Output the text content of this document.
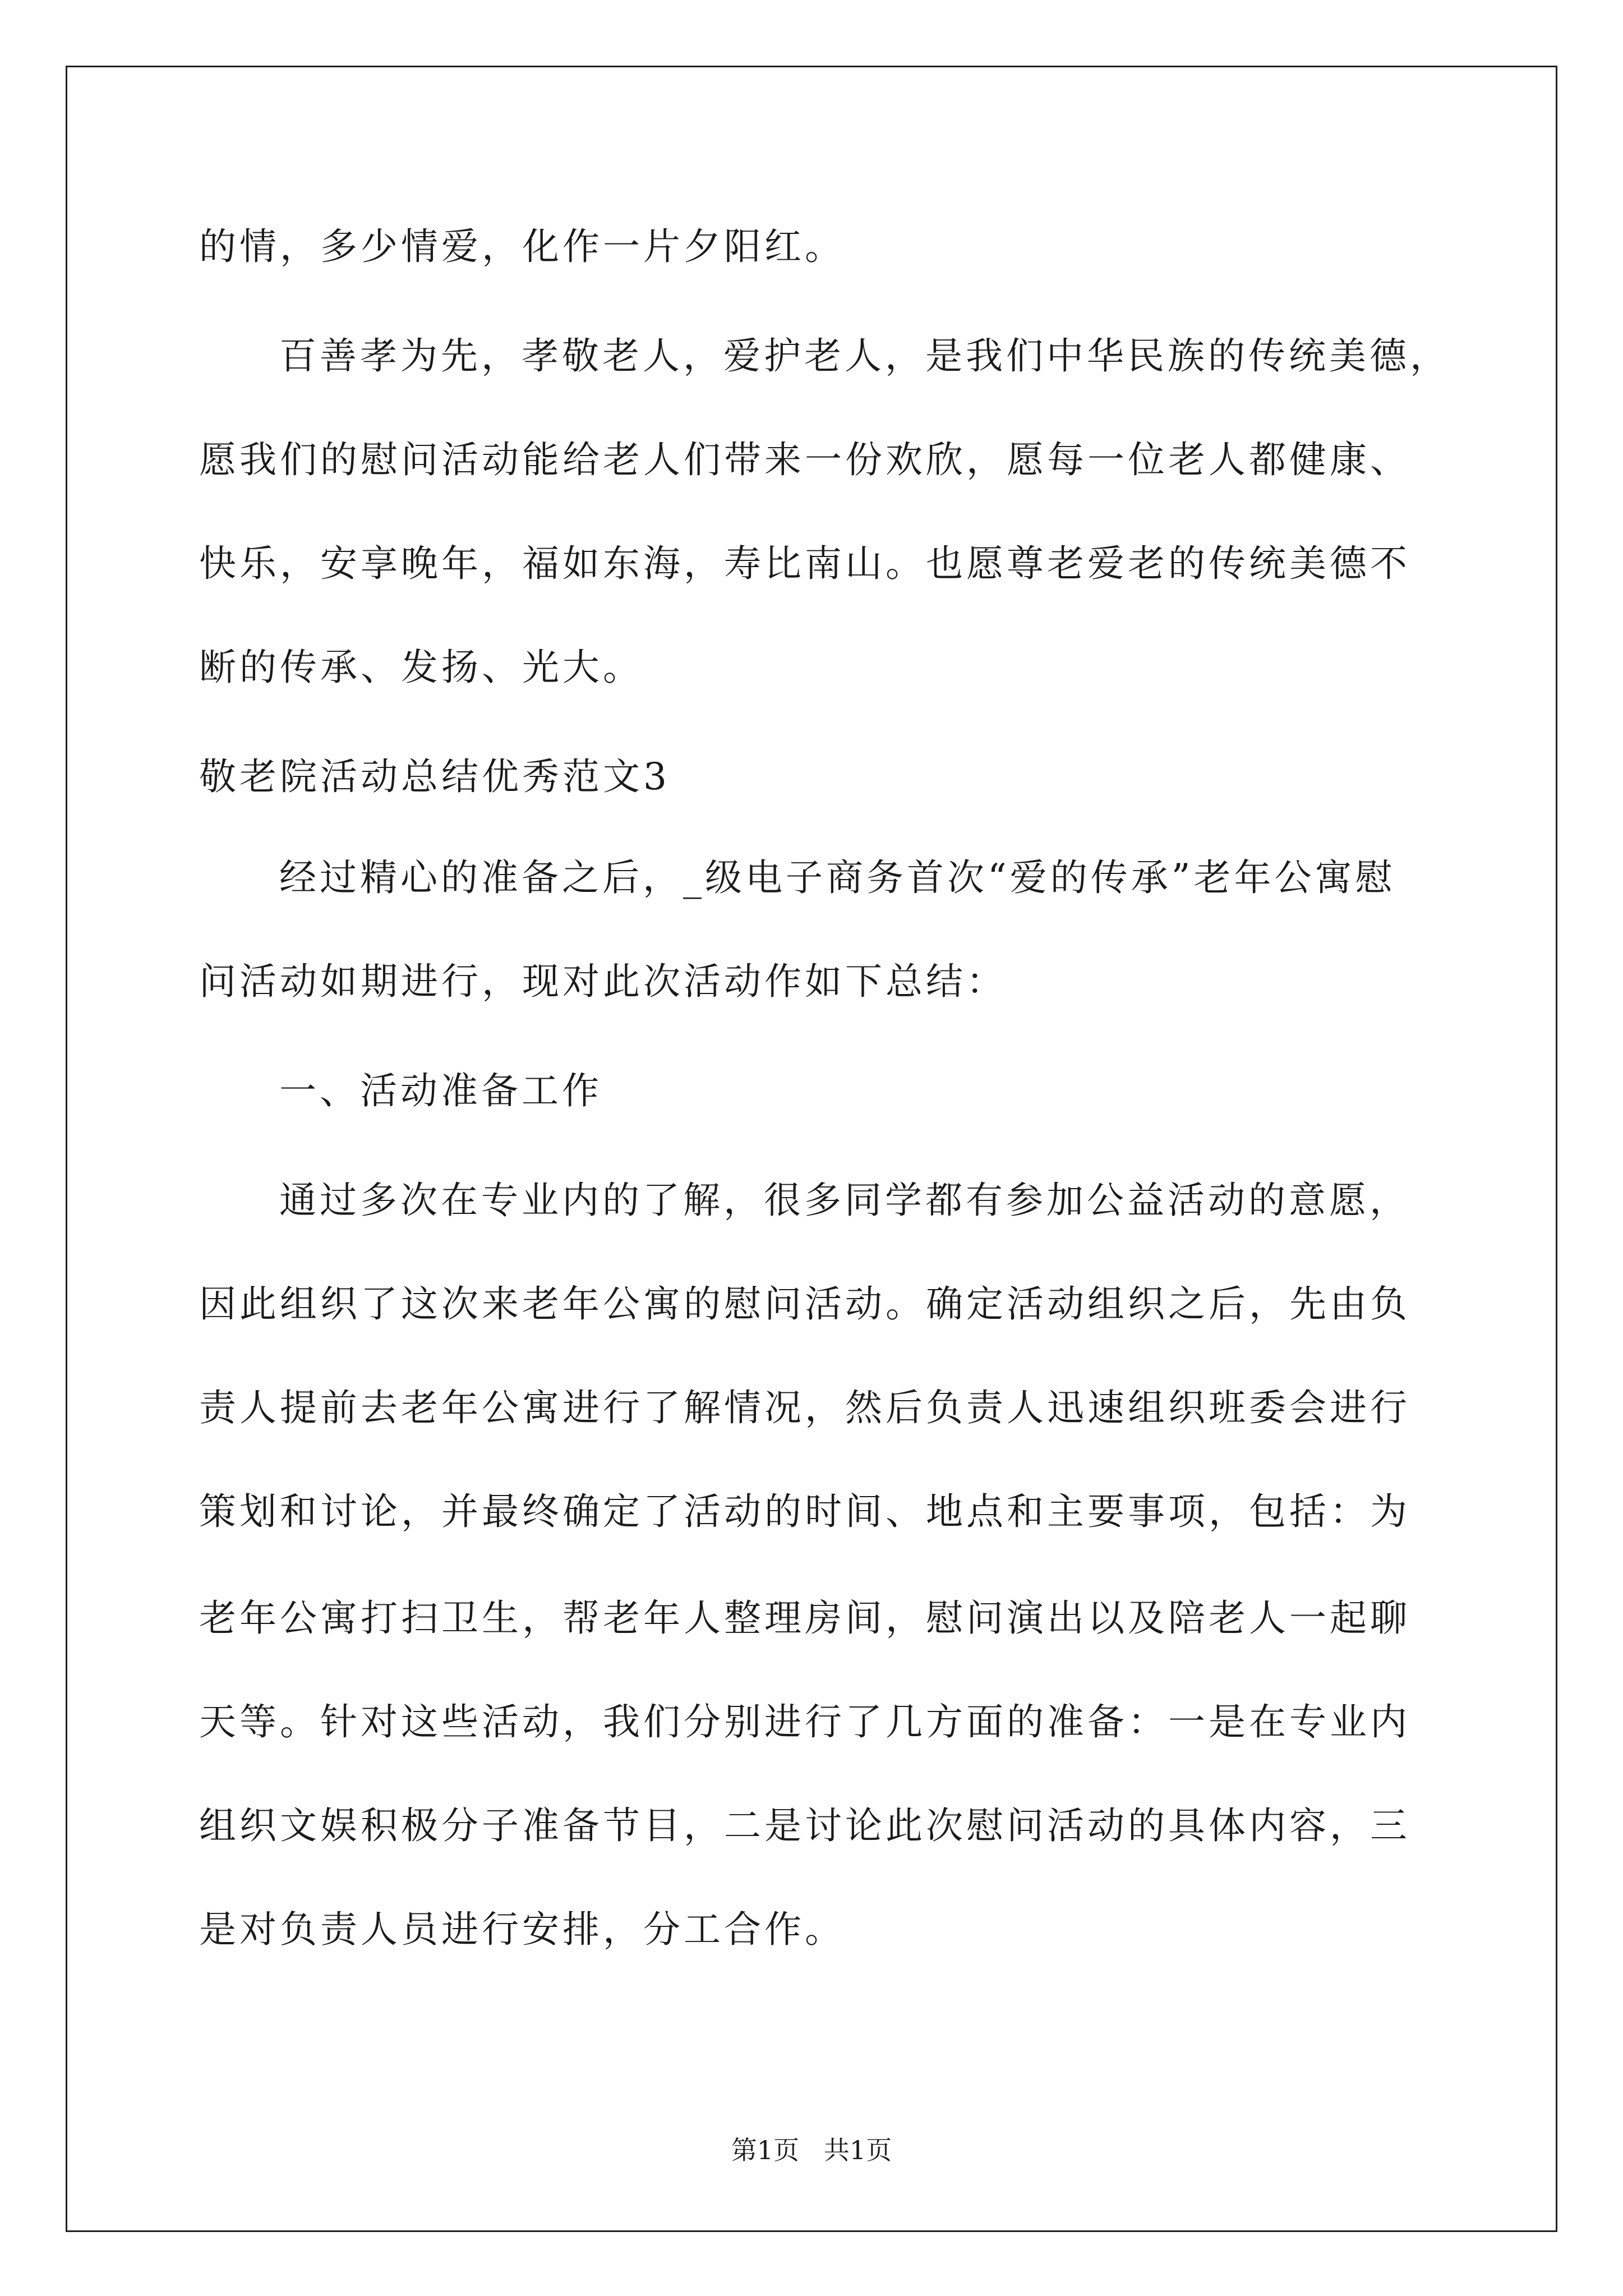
的情，多少情爱，化作一片夕阳红。
百善孝为先，孝敬老人，爱护老人，是我们中华民族的传统美德，
愿我们的慰问活动能给老人们带来一份欢欣，愿每一位老人都健康、
快乐，安享晚年，福如东海，寿比南山。也愿尊老爱老的传统美德不
断的传承、发扬、光大。
敬老院活动总结优秀范文3
经过精心的准备之后，_级电子商务首次“爱的传承”老年公寓慰
问活动如期进行，现对此次活动作如下总结：
一、活动准备工作
通过多次在专业内的了解，很多同学都有参加公益活动的意愿，
因此组织了这次来老年公寓的慰问活动。确定活动组织之后，先由负
责人提前去老年公寓进行了解情况，然后负责人迅速组织班委会进行
策划和讨论，并最终确定了活动的时间、地点和主要事项，包括：为
老年公寓打扫卫生，帮老年人整理房间，慰问演出以及陪老人一起聊
天等。针对这些活动，我们分别进行了几方面的准备：一是在专业内
组织文娱积极分子准备节目，二是讨论此次慰问活动的具体内容，三
是对负责人员进行安排，分工合作。
第1页   共1页
